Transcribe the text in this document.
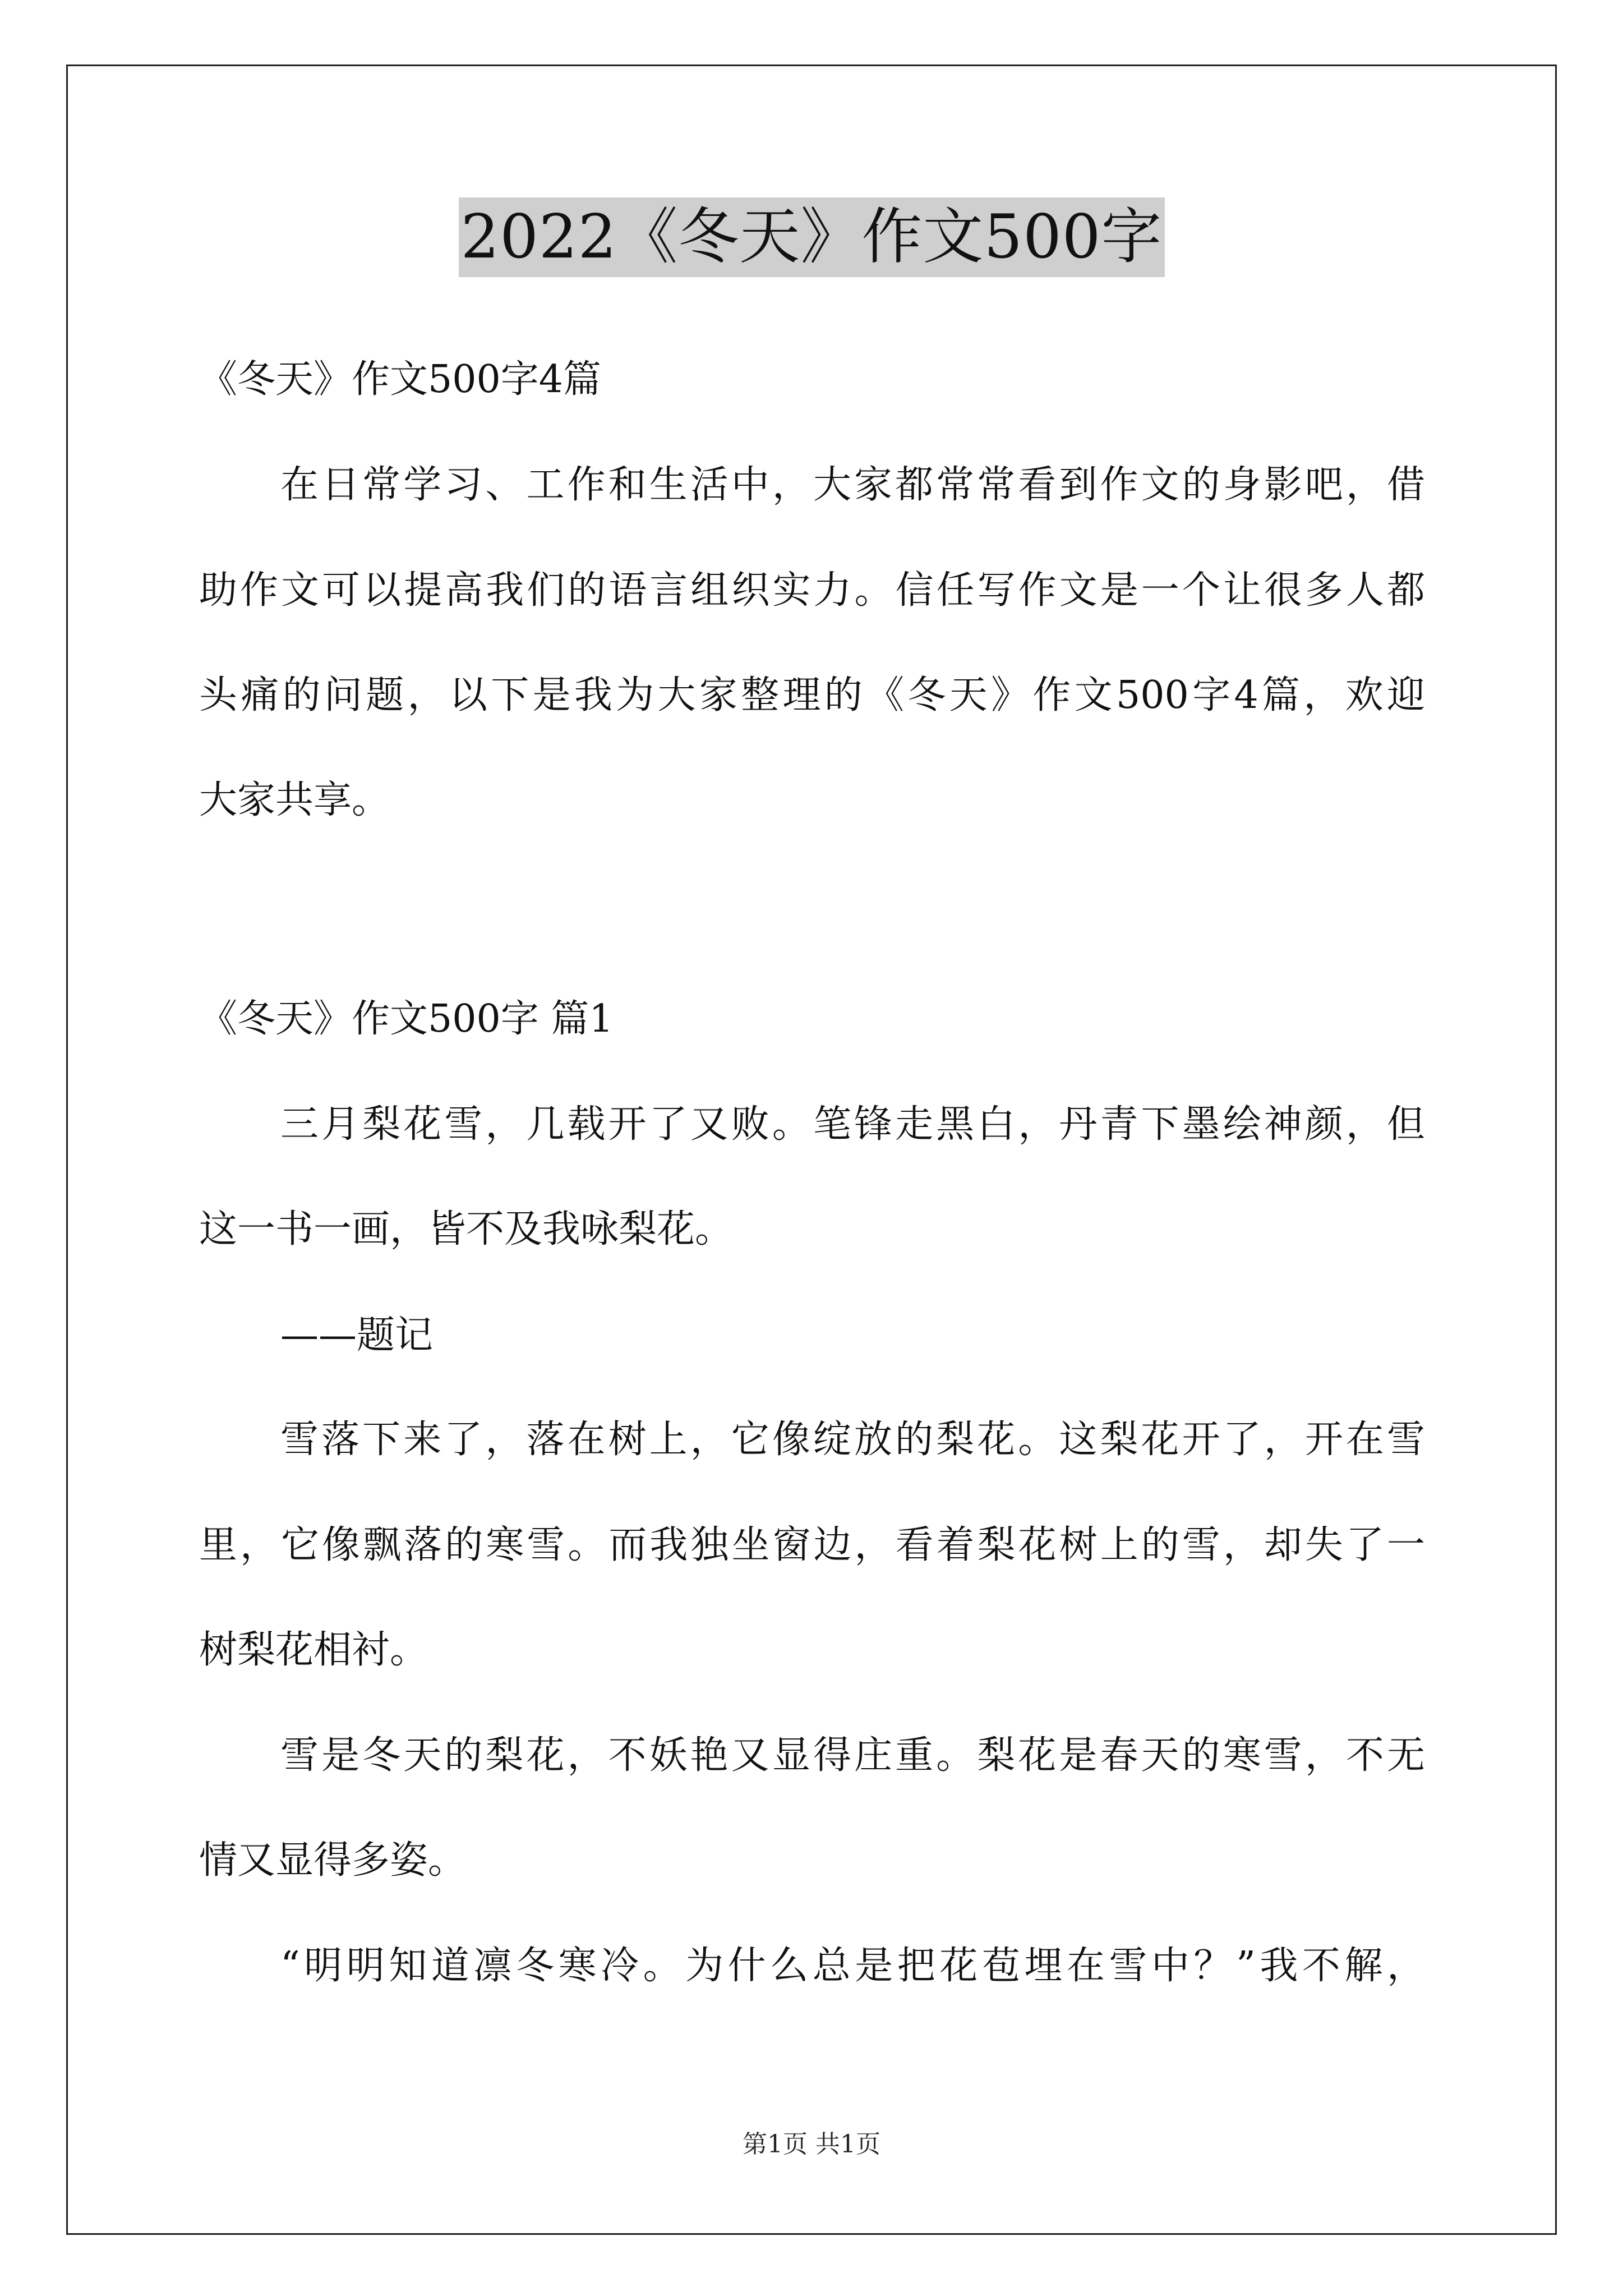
2022《冬天》作文500字
《冬天》作文500字4篇
在日常学习、工作和生活中，大家都常常看到作文的身影吧，借
助作文可以提高我们的语言组织实力。信任写作文是一个让很多人都
头痛的问题，以下是我为大家整理的《冬天》作文500字4篇，欢迎
大家共享。
《冬天》作文500字 篇1
三月梨花雪，几载开了又败。笔锋走黑白，丹青下墨绘神颜，但
这一书一画，皆不及我咏梨花。
——题记
雪落下来了，落在树上，它像绽放的梨花。这梨花开了，开在雪
里，它像飘落的寒雪。而我独坐窗边，看着梨花树上的雪，却失了一
树梨花相衬。
雪是冬天的梨花，不妖艳又显得庄重。梨花是春天的寒雪，不无
情又显得多姿。
“明明知道凛冬寒冷。为什么总是把花苞埋在雪中？”我不解，
第1页 共1页
